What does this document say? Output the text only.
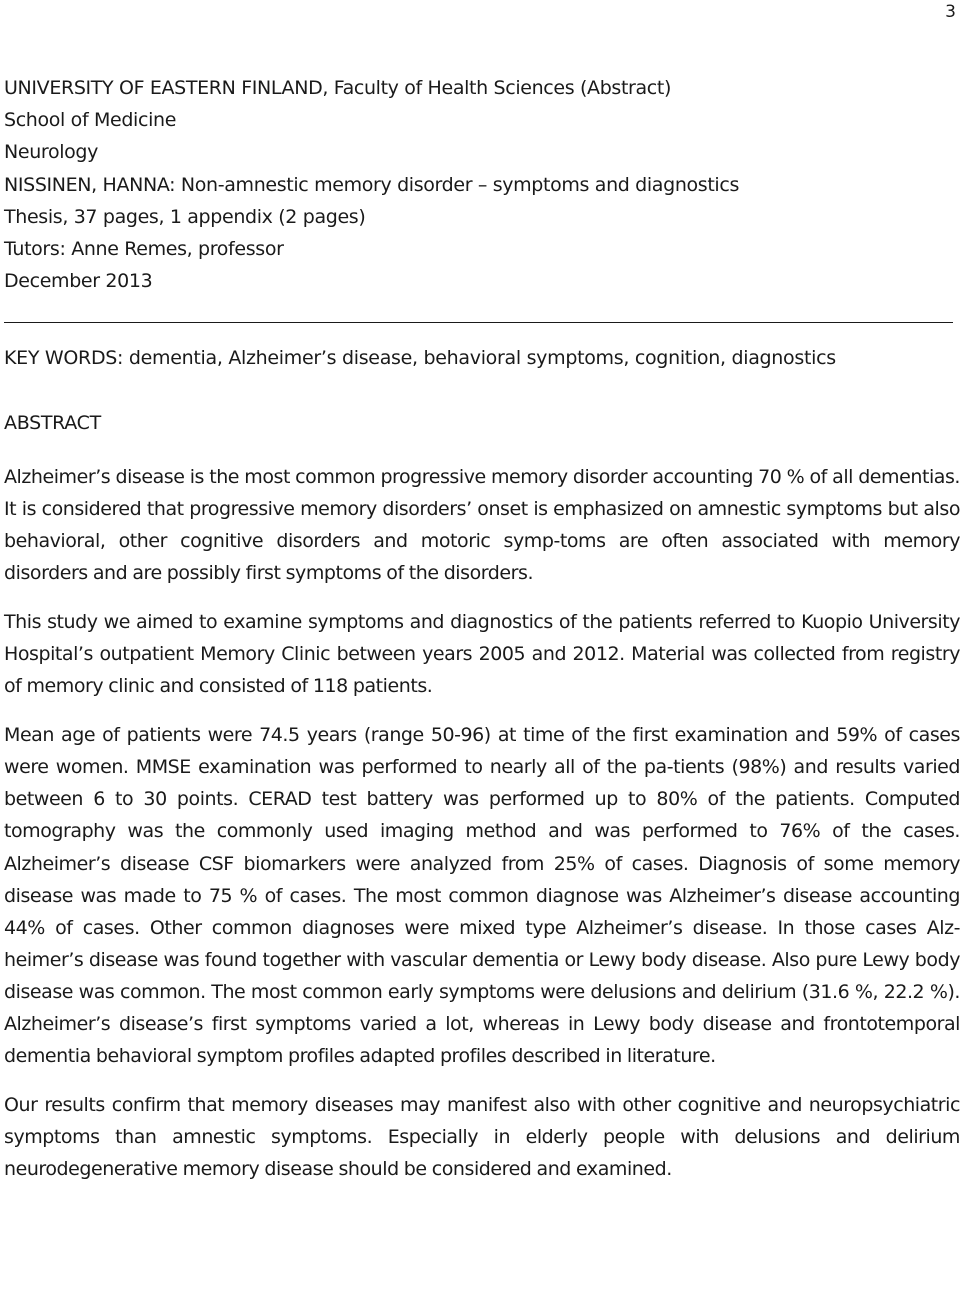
3

UNIVERSITY OF EASTERN FINLAND, Faculty of Health Sciences (Abstract)

School of Medicine

Neurology

NISSINEN, HANNA: Non-amnestic memory disorder – symptoms and diagnostics

Thesis, 37 pages, 1 appendix (2 pages)

Tutors: Anne Remes, professor

December 2013

KEY WORDS: dementia, Alzheimer’s disease, behavioral symptoms, cognition, diagnostics

ABSTRACT

Alzheimer’s disease is the most common progressive memory disorder accounting 70 % of all dementias. It is considered that progressive memory disorders’ onset is emphasized on amnestic symptoms but also behavioral, other cognitive disorders and motoric symp-toms are often associated with memory disorders and are possibly first symptoms of the disorders.

This study we aimed to examine symptoms and diagnostics of the patients referred to Kuopio University Hospital’s outpatient Memory Clinic between years 2005 and 2012. Material was collected from registry of memory clinic and consisted of 118 patients.

Mean age of patients were 74.5 years (range 50-96) at time of the first examination and 59% of cases were women. MMSE examination was performed to nearly all of the pa-tients (98%) and results varied between 6 to 30 points. CERAD test battery was performed up to 80% of the patients. Computed tomography was the commonly used imaging method and was performed to 76% of the cases. Alzheimer’s disease CSF biomarkers were analyzed from 25% of cases. Diagnosis of some memory disease was made to 75 % of cases. The most common diagnose was Alzheimer’s disease accounting 44% of cases. Other common diagnoses were mixed type Alzheimer’s disease. In those cases Alz-heimer’s disease was found together with vascular dementia or Lewy body disease. Also pure Lewy body disease was common. The most common early symptoms were delusions and delirium (31.6 %, 22.2 %). Alzheimer’s disease’s first symptoms varied a lot, whereas in Lewy body disease and frontotemporal dementia behavioral symptom profiles adapted profiles described in literature.

Our results confirm that memory diseases may manifest also with other cognitive and neuropsychiatric symptoms than amnestic symptoms. Especially in elderly people with delusions and delirium neurodegenerative memory disease should be considered and examined.
